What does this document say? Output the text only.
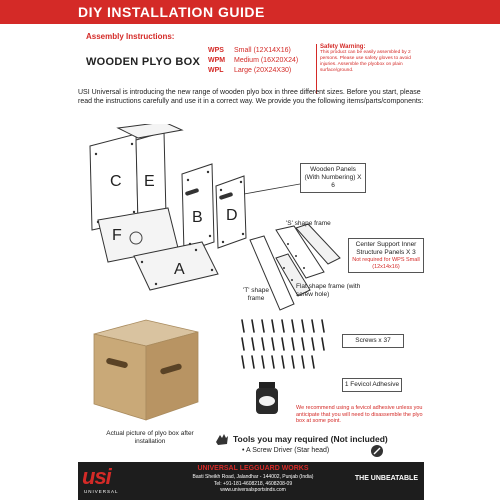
DIY INSTALLATION GUIDE
Assembly Instructions:
WOODEN PLYO BOX
WPS	Small (12X14X16)
WPM	Medium (16X20X24)
WPL	Large (20X24X30)
Safety Warning:
This product can be easily assembled by 2 persons. Please use safety gloves to avoid injuries. Assemble the plyobox on plain surface/ground.
USI Universal is introducing the new range of wooden plyo box in three different sizes. Before you start, please read the instructions carefully and use it in a correct way. We provide you the following items/parts/components:
C E
B D
F
A
Wooden Panels (With Numbering) X 6
'S' shape frame
Center Support Inner Structure Panels X 3
Not required for WPS Small (12x14x16)
'T' shape frame
Flat shape frame (with screw hole)
Actual picture of plyo box after installation
Screws x 37
1 Fevicol Adhesive
We recommend using a fevicol adhesive unless you anticipate that you will need to disassemble the plyo box at some point.
Tools you may required (Not included)
• A Screw Driver (Star head)
usi
UNIVERSAL
UNIVERSAL LEGGUARD WORKS
Basti Sheikh Road, Jalandhar - 144002, Punjab (India)
Tel: +91-181-4608218, 4608208-09
www.universalsportsinds.com
THE UNBEATABLE
